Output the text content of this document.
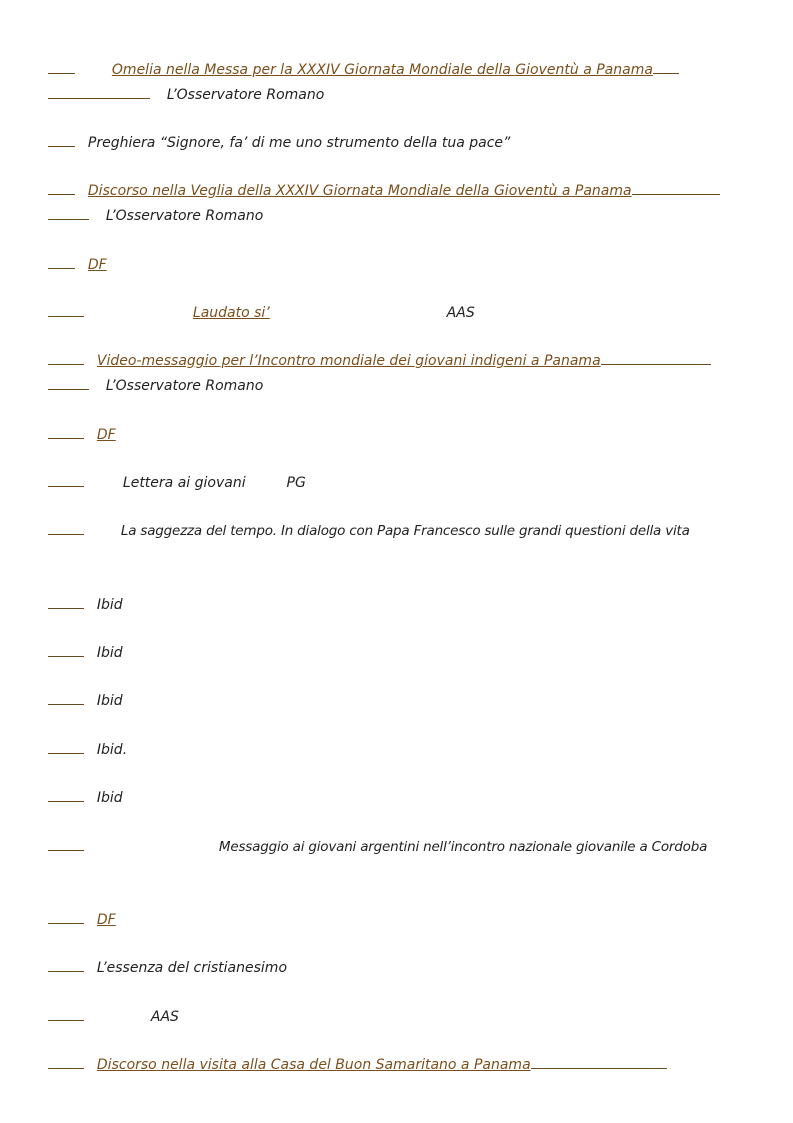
Omelia nella Messa per la XXXIV Giornata Mondiale della Gioventù a Panama
L’Osservatore Romano
Preghiera “Signore, fa’ di me uno strumento della tua pace”
Discorso nella Veglia della XXXIV Giornata Mondiale della Gioventù a Panama
L’Osservatore Romano
DF
Laudato si’	AAS
Video-messaggio per l’Incontro mondiale dei giovani indigeni a Panama
L’Osservatore Romano
DF
Lettera ai giovani	PG
La saggezza del tempo. In dialogo con Papa Francesco sulle grandi questioni della vita
Ibid
Ibid
Ibid
Ibid.
Ibid
Messaggio ai giovani argentini nell’incontro nazionale giovanile a Cordoba
DF
L’essenza del cristianesimo
AAS
Discorso nella visita alla Casa del Buon Samaritano a Panama
